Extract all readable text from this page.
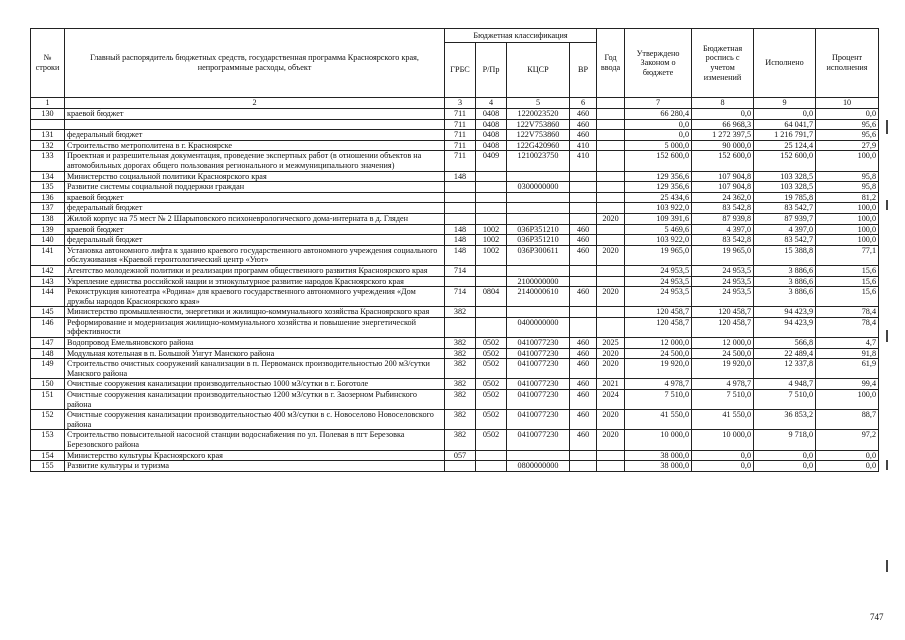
№ строки	Главный распорядитель бюджетных средств, государственная программа Красноярского края, непрограммные расходы, объект	Бюджетная классификация				Год ввода	Утверждено Законом о бюджете	Бюджетная роспись с учетом изменений	Исполнено	Процент исполнения
		ГРБС	Р/Пр	КЦСР	ВР					
1	2	3	4	5	6		7	8	9	10
130	краевой бюджет	711	0408	1220023520	460		66 280,4	0,0	0,0	0,0
		711	0408	122V753860	460		0,0	66 968,3	64 041,7	95,6
131	федеральный бюджет	711	0408	122V753860	460		0,0	1 272 397,5	1 216 791,7	95,6
132	Строительство метрополитена в г. Красноярске	711	0408	122G420960	410		5 000,0	90 000,0	25 124,4	27,9
133	Проектная и разрешительная документация, проведение экспертных работ (в отношении объектов на автомобильных дорогах общего пользования регионального и межмуниципального значения)	711	0409	1210023750	410		152 600,0	152 600,0	152 600,0	100,0
134	Министерство социальной политики Красноярского края	148					129 356,6	107 904,8	103 328,5	95,8
135	Развитие системы социальной поддержки граждан			0300000000			129 356,6	107 904,8	103 328,5	95,8
136	краевой бюджет						25 434,6	24 362,0	19 785,8	81,2
137	федеральный бюджет						103 922,0	83 542,8	83 542,7	100,0
138	Жилой корпус на 75 мест № 2 Шарыповского психоневрологического дома-интерната в д. Гляден					2020	109 391,6	87 939,8	87 939,7	100,0
139	краевой бюджет	148	1002	036P351210	460		5 469,6	4 397,0	4 397,0	100,0
140	федеральный бюджет	148	1002	036P351210	460		103 922,0	83 542,8	83 542,7	100,0
141	Установка автономного лифта к зданию краевого государственного автономного учреждения социального обслуживания «Краевой геронтологический центр «Уют»	148	1002	036P300611	460	2020	19 965,0	19 965,0	15 388,8	77,1
142	Агентство молодежной политики и реализации программ общественного развития Красноярского края	714					24 953,5	24 953,5	3 886,6	15,6
143	Укрепление единства российской нации и этнокультурное развитие народов Красноярского края			2100000000			24 953,5	24 953,5	3 886,6	15,6
144	Реконструкция кинотеатра «Родина» для краевого государственного автономного учреждения «Дом дружбы народов Красноярского края»	714	0804	2140000610	460	2020	24 953,5	24 953,5	3 886,6	15,6
145	Министерство промышленности, энергетики и жилищно-коммунального хозяйства Красноярского края	382					120 458,7	120 458,7	94 423,9	78,4
146	Реформирование и модернизация жилищно-коммунального хозяйства и повышение энергетической эффективности			0400000000			120 458,7	120 458,7	94 423,9	78,4
147	Водопровод Емельяновского района	382	0502	0410077230	460	2025	12 000,0	12 000,0	566,8	4,7
148	Модульная котельная в п. Большой Унгут Манского района	382	0502	0410077230	460	2020	24 500,0	24 500,0	22 489,4	91,8
149	Строительство очистных сооружений канализации в п. Первоманск производительностью 200 м3/сутки Манского района	382	0502	0410077230	460	2020	19 920,0	19 920,0	12 337,8	61,9
150	Очистные сооружения канализации производительностью 1000 м3/сутки в г. Боготоле	382	0502	0410077230	460	2021	4 978,7	4 978,7	4 948,7	99,4
151	Очистные сооружения канализации производительностью 1200 м3/сутки в г. Заозерном Рыбинского района	382	0502	0410077230	460	2024	7 510,0	7 510,0	7 510,0	100,0
152	Очистные сооружения канализации производительностью 400 м3/сутки в с. Новоселово Новоселовского района	382	0502	0410077230	460	2020	41 550,0	41 550,0	36 853,2	88,7
153	Строительство повысительной насосной станции водоснабжения по ул. Полевая в пгт Березовка Березовского района	382	0502	0410077230	460	2020	10 000,0	10 000,0	9 718,0	97,2
154	Министерство культуры Красноярского края	057					38 000,0	0,0	0,0	0,0
155	Развитие культуры и туризма			0800000000			38 000,0	0,0	0,0	0,0
747
